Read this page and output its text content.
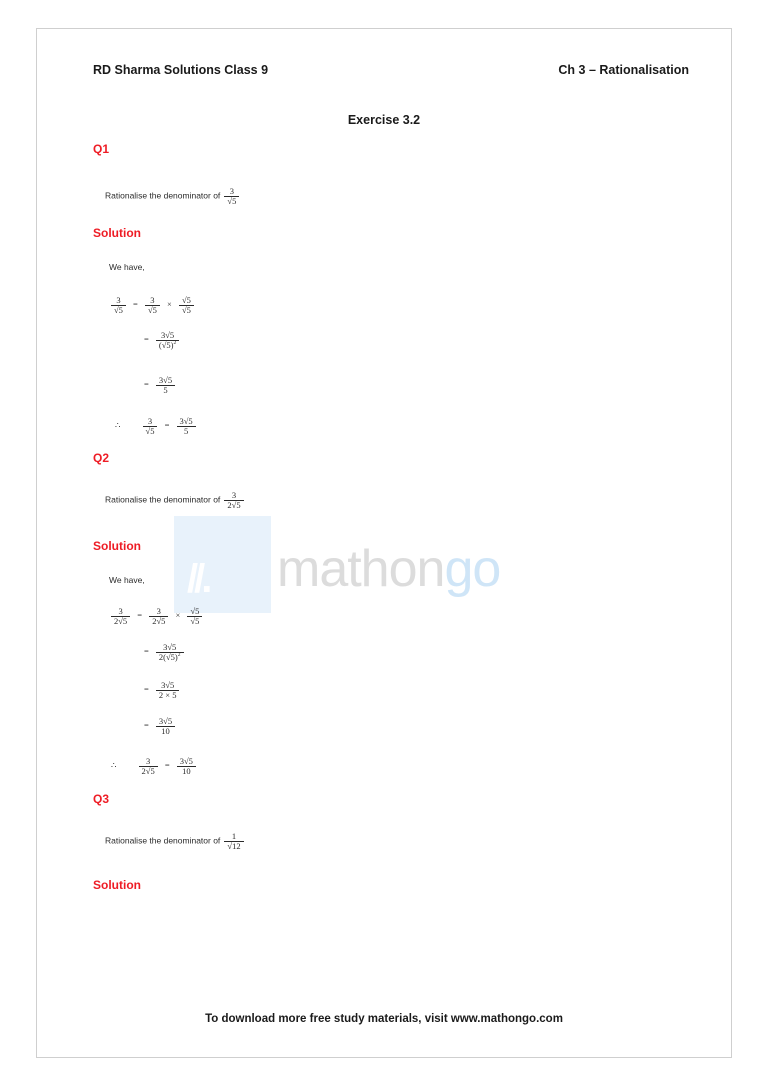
RD Sharma Solutions Class 9	Ch 3 – Rationalisation
Exercise 3.2
//. mathongo
Q1
Rationalise the denominator of $\frac{3}{√5}$
Solution
We have,
$\frac{3}{√5} = \frac{3}{√5} \times \frac{√5}{√5}$
= $\frac{3√5}{(√5)^2}$
= $\frac{3√5}{5}$
∴	$\frac{3}{√5} = \frac{3√5}{5}$
Q2
Rationalise the denominator of $\frac{3}{2√5}$
Solution
We have,
$\frac{3}{2√5} = \frac{3}{2√5} \times \frac{√5}{√5}$
= $\frac{3√5}{2(√5)^2}$
= $\frac{3√5}{2 \times 5}$
= $\frac{3√5}{10}$
∴	$\frac{3}{2√5} = \frac{3√5}{10}$
Q3
Rationalise the denominator of $\frac{1}{√12}$
Solution
To download more free study materials, visit www.mathongo.com
